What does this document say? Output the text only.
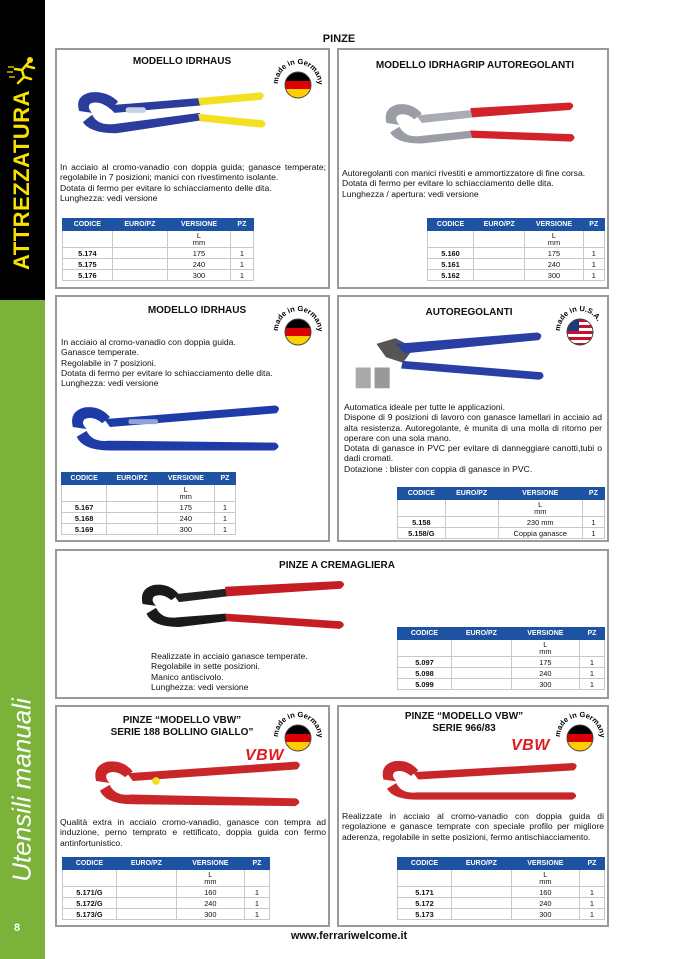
ATTREZZATURA
Utensili manuali
8
PINZE
MODELLO IDRHAUS
made in Germany
In acciaio al cromo-vanadio con doppia guida; ganasce temperate; regolabile in 7 posizioni; manici con rivestimento isolante.
Dotata di fermo per evitare lo schiacciamento delle dita.
Lunghezza: vedi versione
CODICE	EURO/PZ	VERSIONE	PZ
		L
mm	
5.174		175	1
5.175		240	1
5.176		300	1
MODELLO IDRHAGRIP AUTOREGOLANTI
Autoregolanti con manici rivestiti e ammortizzatore di fine corsa.
Dotata di fermo per evitare lo schiacciamento delle dita.
Lunghezza / apertura: vedi versione
CODICE	EURO/PZ	VERSIONE	PZ
		L
mm	
5.160		175	1
5.161		240	1
5.162		300	1
MODELLO IDRHAUS
made in Germany
In acciaio al cromo-vanadio con doppia guida.
Ganasce temperate.
Regolabile in 7 posizioni.
Dotata di fermo per evitare lo schiacciamento delle dita.
Lunghezza: vedi versione
CODICE	EURO/PZ	VERSIONE	PZ
		L
mm	
5.167		175	1
5.168		240	1
5.169		300	1
AUTOREGOLANTI
made in U.S.A.
Automatica ideale per tutte le applicazioni.
Dispone di 9 posizioni di lavoro con ganasce lamellari in acciaio ad alta resistenza. Autoregolante, è munita di una molla di ritorno per operare con una sola mano.
Dotata di ganasce in PVC per evitare di danneggiare canotti,tubi o dadi cromati.
Dotazione : blister con coppia di ganasce in PVC.
CODICE	EURO/PZ	VERSIONE	PZ
		L
mm	
5.158		230 mm	1
5.158/G		Coppia ganasce	1
PINZE A CREMAGLIERA
Realizzate in acciaio ganasce temperate.
Regolabile in sette posizioni.
Manico antiscivolo.
Lunghezza: vedi versione
CODICE	EURO/PZ	VERSIONE	PZ
		L
mm	
5.097		175	1
5.098		240	1
5.099		300	1
PINZE “MODELLO VBW”
SERIE 188 BOLLINO GIALLO”	made in Germany
VBW
Qualità extra in acciaio cromo-vanadio, ganasce con tempra ad induzione, perno temprato e rettificato, doppia guida con fermo antinfortunistico.
CODICE	EURO/PZ	VERSIONE	PZ
		L
mm	
5.171/G		160	1
5.172/G		240	1
5.173/G		300	1
PINZE “MODELLO VBW”
SERIE 966/83	made in Germany
VBW
Realizzate in acciaio al cromo-vanadio con doppia guida di regolazione e ganasce temprate con speciale profilo per migliore aderenza, regolabile in sette posizioni, fermo antischiacciamento.
CODICE	EURO/PZ	VERSIONE	PZ
		L
mm	
5.171		160	1
5.172		240	1
5.173		300	1
www.ferrariwelcome.it
